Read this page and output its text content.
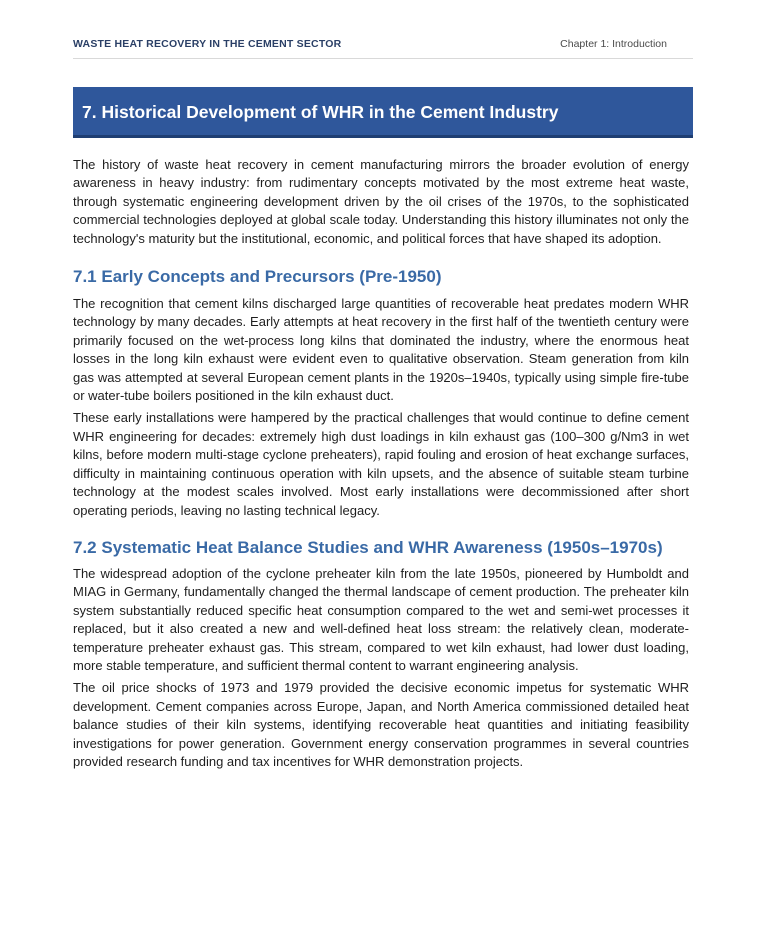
WASTE HEAT RECOVERY IN THE CEMENT SECTOR	Chapter 1: Introduction
7. Historical Development of WHR in the Cement Industry

The history of waste heat recovery in cement manufacturing mirrors the broader evolution of energy awareness in heavy industry: from rudimentary concepts motivated by the most extreme heat waste, through systematic engineering development driven by the oil crises of the 1970s, to the sophisticated commercial technologies deployed at global scale today. Understanding this history illuminates not only the technology's maturity but the institutional, economic, and political forces that have shaped its adoption.

7.1 Early Concepts and Precursors (Pre-1950)

The recognition that cement kilns discharged large quantities of recoverable heat predates modern WHR technology by many decades. Early attempts at heat recovery in the first half of the twentieth century were primarily focused on the wet-process long kilns that dominated the industry, where the enormous heat losses in the long kiln exhaust were evident even to qualitative observation. Steam generation from kiln gas was attempted at several European cement plants in the 1920s–1940s, typically using simple fire-tube or water-tube boilers positioned in the kiln exhaust duct.

These early installations were hampered by the practical challenges that would continue to define cement WHR engineering for decades: extremely high dust loadings in kiln exhaust gas (100–300 g/Nm3 in wet kilns, before modern multi-stage cyclone preheaters), rapid fouling and erosion of heat exchange surfaces, difficulty in maintaining continuous operation with kiln upsets, and the absence of suitable steam turbine technology at the modest scales involved. Most early installations were decommissioned after short operating periods, leaving no lasting technical legacy.

7.2 Systematic Heat Balance Studies and WHR Awareness (1950s–1970s)

The widespread adoption of the cyclone preheater kiln from the late 1950s, pioneered by Humboldt and MIAG in Germany, fundamentally changed the thermal landscape of cement production. The preheater kiln system substantially reduced specific heat consumption compared to the wet and semi-wet processes it replaced, but it also created a new and well-defined heat loss stream: the relatively clean, moderate-temperature preheater exhaust gas. This stream, compared to wet kiln exhaust, had lower dust loading, more stable temperature, and sufficient thermal content to warrant engineering analysis.

The oil price shocks of 1973 and 1979 provided the decisive economic impetus for systematic WHR development. Cement companies across Europe, Japan, and North America commissioned detailed heat balance studies of their kiln systems, identifying recoverable heat quantities and initiating feasibility investigations for power generation. Government energy conservation programmes in several countries provided research funding and tax incentives for WHR demonstration projects.
